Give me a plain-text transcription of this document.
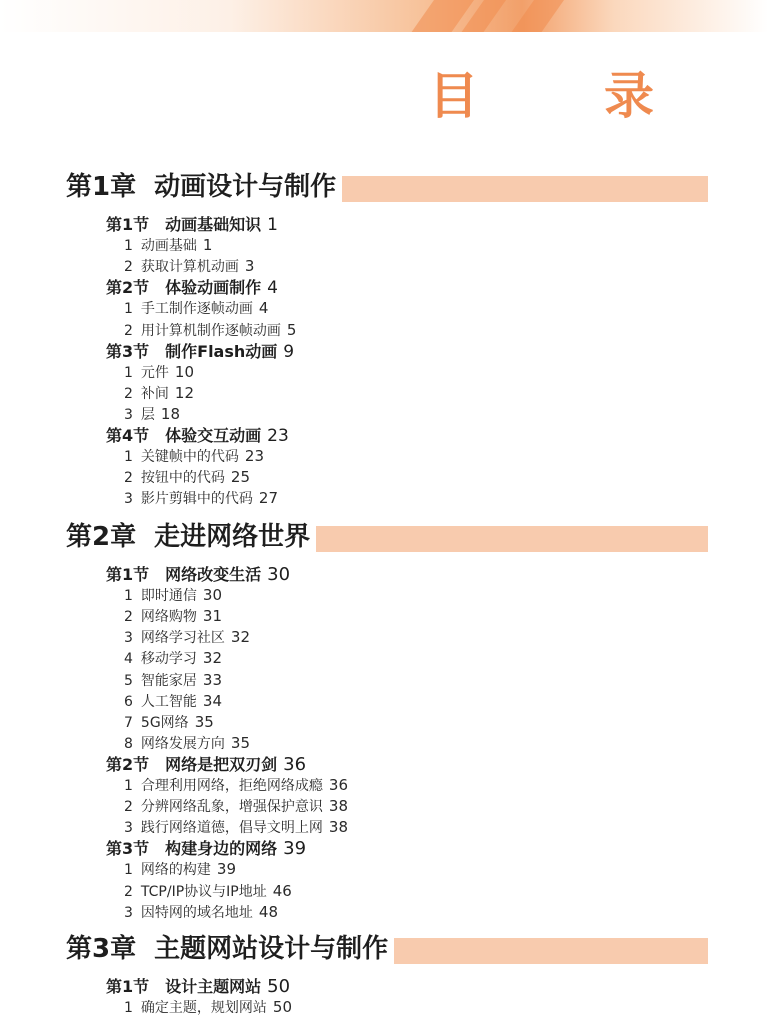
目 录
第1章 动画设计与制作
第1节 动画基础知识 1
1 动画基础 1
2 获取计算机动画 3
第2节 体验动画制作 4
1 手工制作逐帧动画 4
2 用计算机制作逐帧动画 5
第3节 制作Flash动画 9
1 元件 10
2 补间 12
3 层 18
第4节 体验交互动画 23
1 关键帧中的代码 23
2 按钮中的代码 25
3 影片剪辑中的代码 27
第2章 走进网络世界
第1节 网络改变生活 30
1 即时通信 30
2 网络购物 31
3 网络学习社区 32
4 移动学习 32
5 智能家居 33
6 人工智能 34
7 5G网络 35
8 网络发展方向 35
第2节 网络是把双刃剑 36
1 合理利用网络，拒绝网络成瘾 36
2 分辨网络乱象，增强保护意识 38
3 践行网络道德，倡导文明上网 38
第3节 构建身边的网络 39
1 网络的构建 39
2 TCP/IP协议与IP地址 46
3 因特网的域名地址 48
第3章 主题网站设计与制作
第1节 设计主题网站 50
1 确定主题，规划网站 50
